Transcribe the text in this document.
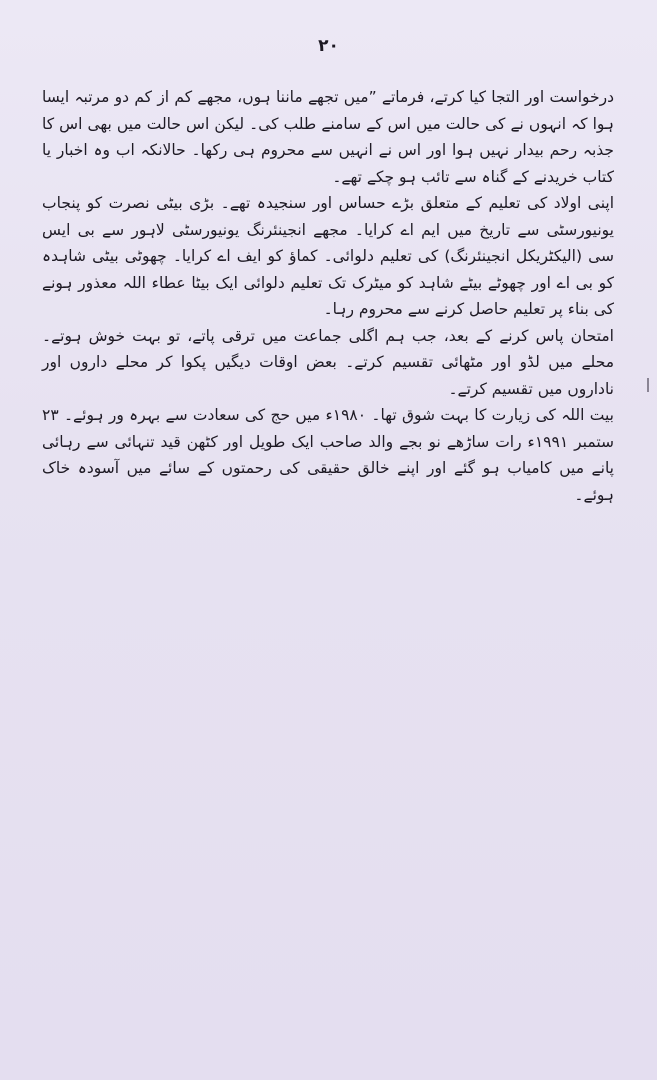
۲۰

درخواست اور التجا کیا کرتے، فرماتے ”میں تجھے ماننا ہوں، مجھے کم از کم دو مرتبہ ایسا ہوا کہ انہوں نے کی حالت میں اس کے سامنے طلب کی۔ لیکن اس حالت میں بھی اس کا جذبہ رحم بیدار نہیں ہوا اور اس نے انہیں سے محروم ہی رکھا۔ حالانکہ اب وہ اخبار یا کتاب خریدنے کے گناہ سے تائب ہو چکے تھے۔

اپنی اولاد کی تعلیم کے متعلق بڑے حساس اور سنجیدہ تھے۔ بڑی بیٹی نصرت کو پنجاب یونیورسٹی سے تاریخ میں ایم اے کرایا۔ مجھے انجینئرنگ یونیورسٹی لاہور سے بی ایس سی (الیکٹریکل انجینئرنگ) کی تعلیم دلوائی۔ کماؤ کو ایف اے کرایا۔ چھوٹی بیٹی شاہدہ کو بی اے اور چھوٹے بیٹے شاہد کو میٹرک تک تعلیم دلوائی ایک بیٹا عطاء اللہ معذور ہونے کی بناء پر تعلیم حاصل کرنے سے محروم رہا۔

امتحان پاس کرنے کے بعد، جب ہم اگلی جماعت میں ترقی پاتے، تو بہت خوش ہوتے۔ محلے میں لڈو اور مٹھائی تقسیم کرتے۔ بعض اوقات دیگیں پکوا کر محلے داروں اور ناداروں میں تقسیم کرتے۔

بیت اللہ کی زیارت کا بہت شوق تھا۔ ۱۹۸۰ء میں حج کی سعادت سے بہرہ ور ہوئے۔ ۲۳ ستمبر ۱۹۹۱ء رات ساڑھے نو بجے والد صاحب ایک طویل اور کٹھن قید تنہائی سے رہائی پانے میں کامیاب ہو گئے اور اپنے خالق حقیقی کی رحمتوں کے سائے میں آسودہ خاک ہوئے۔
